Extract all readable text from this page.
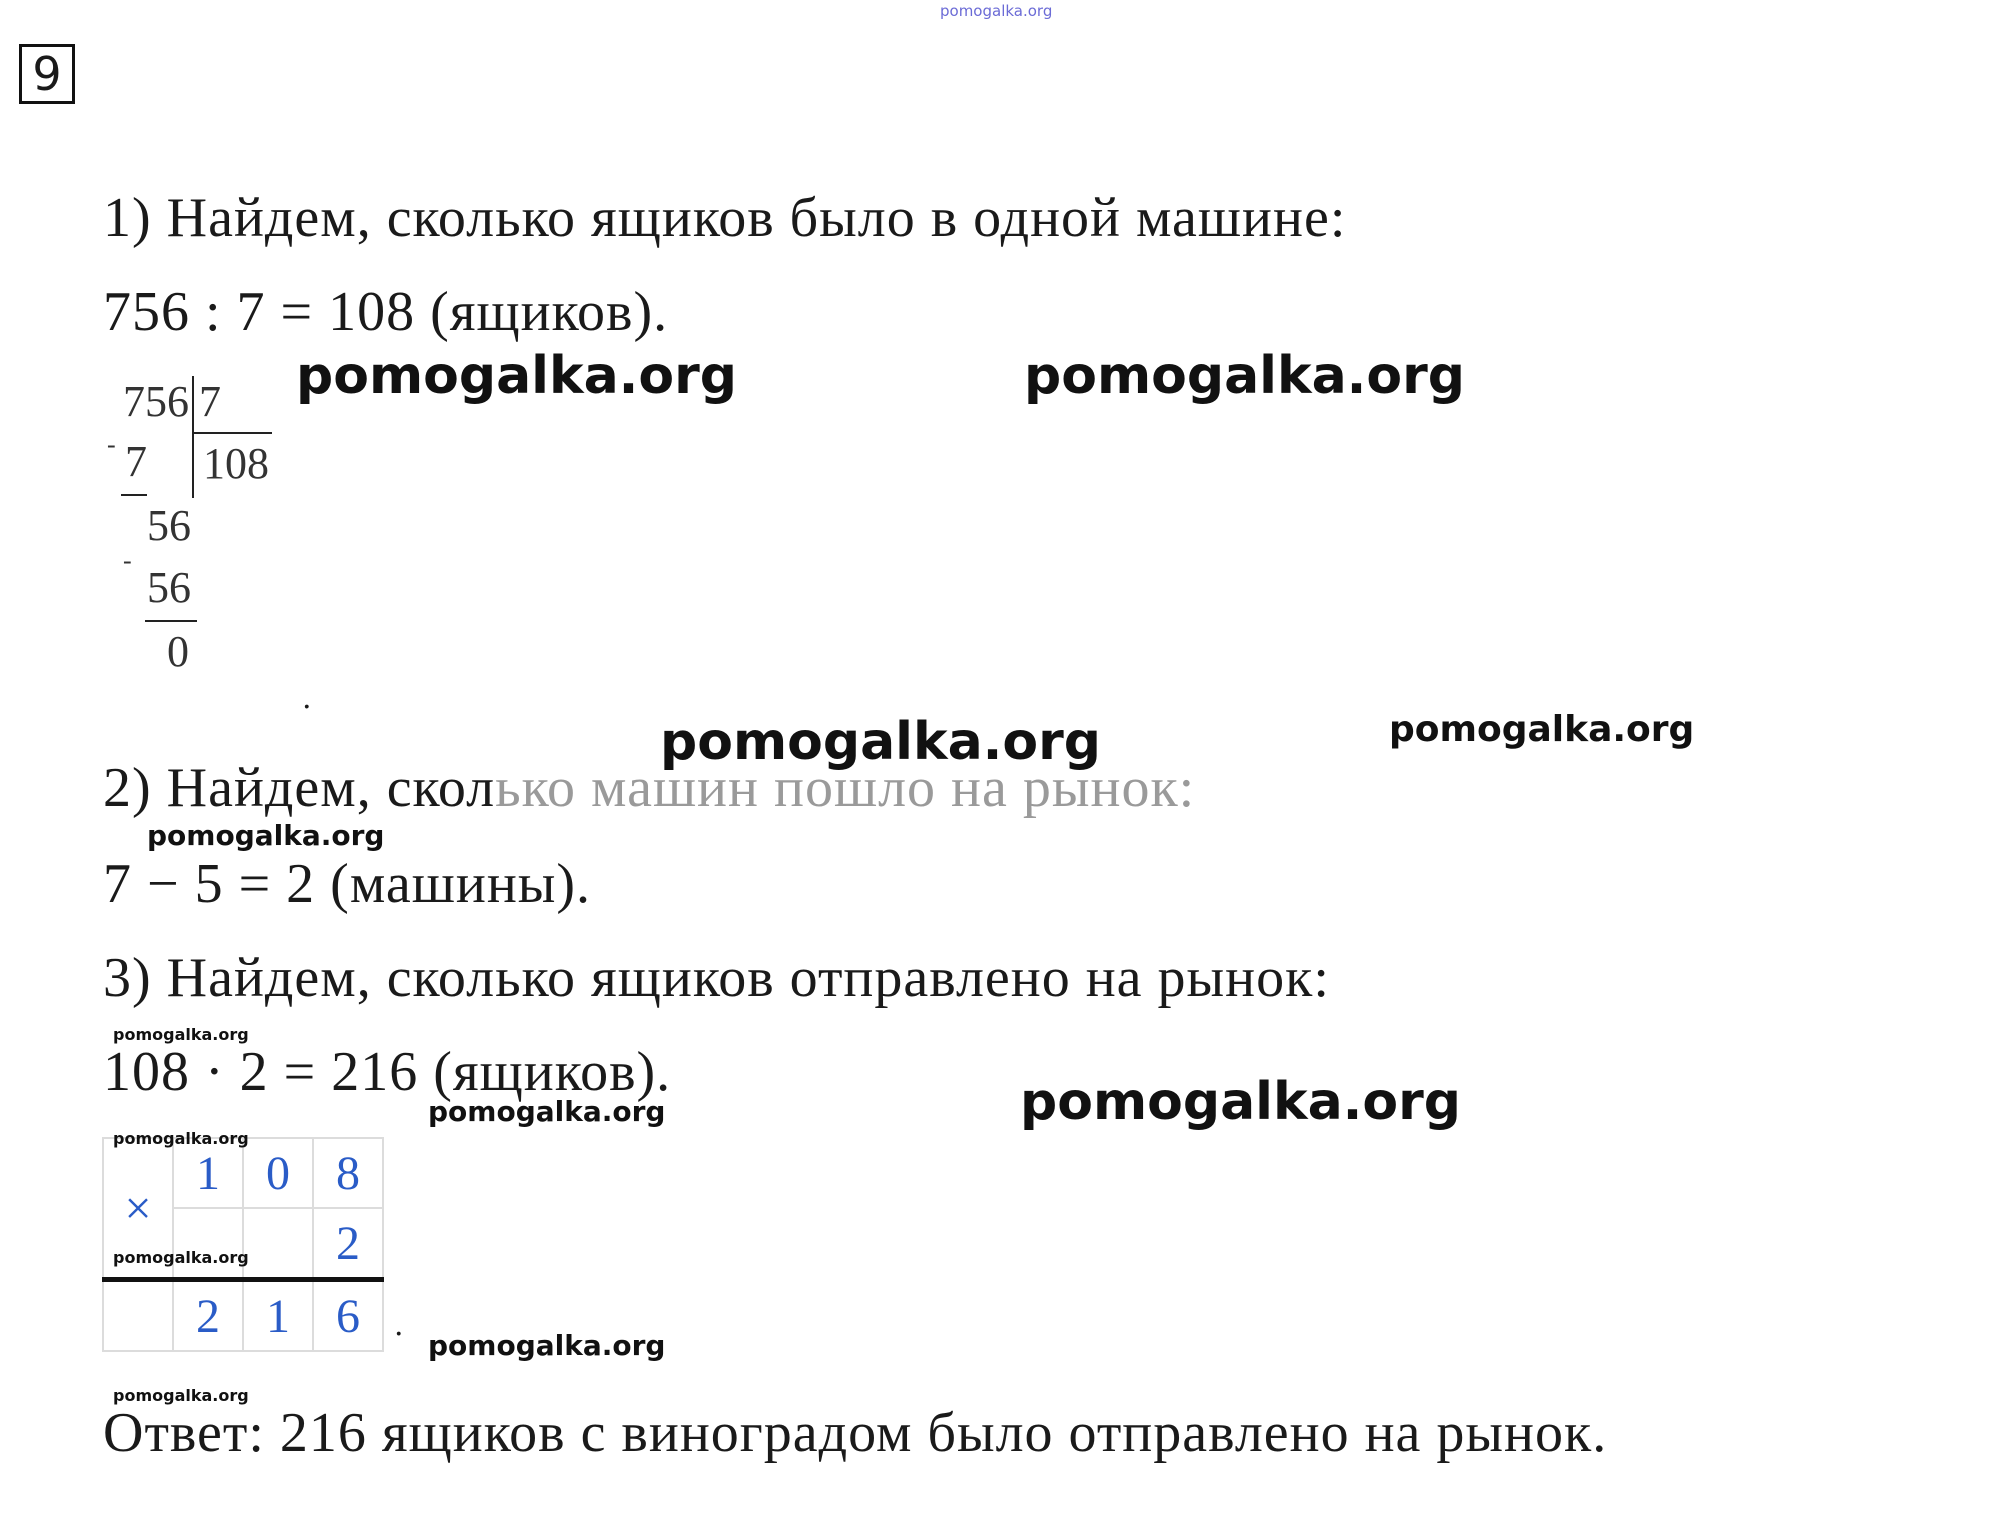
pomogalka.org
9
1) Найдем, сколько ящиков было в одной машине:
756 : 7 = 108 (ящиков).
756 7
108
- 7
56
-
56
0
.
pomogalka.org	pomogalka.org
pomogalka.org	pomogalka.org
2) Найдем, сколько машин пошло на рынок:
pomogalka.org
7 − 5 = 2 (машины).
3) Найдем, сколько ящиков отправлено на рынок:
pomogalka.org
108 · 2 = 216 (ящиков).
pomogalka.org	pomogalka.org
×	1	0	8
			2
	2	1	6
pomogalka.org
pomogalka.org
· pomogalka.org
pomogalka.org
Ответ: 216 ящиков с виноградом было отправлено на рынок.
